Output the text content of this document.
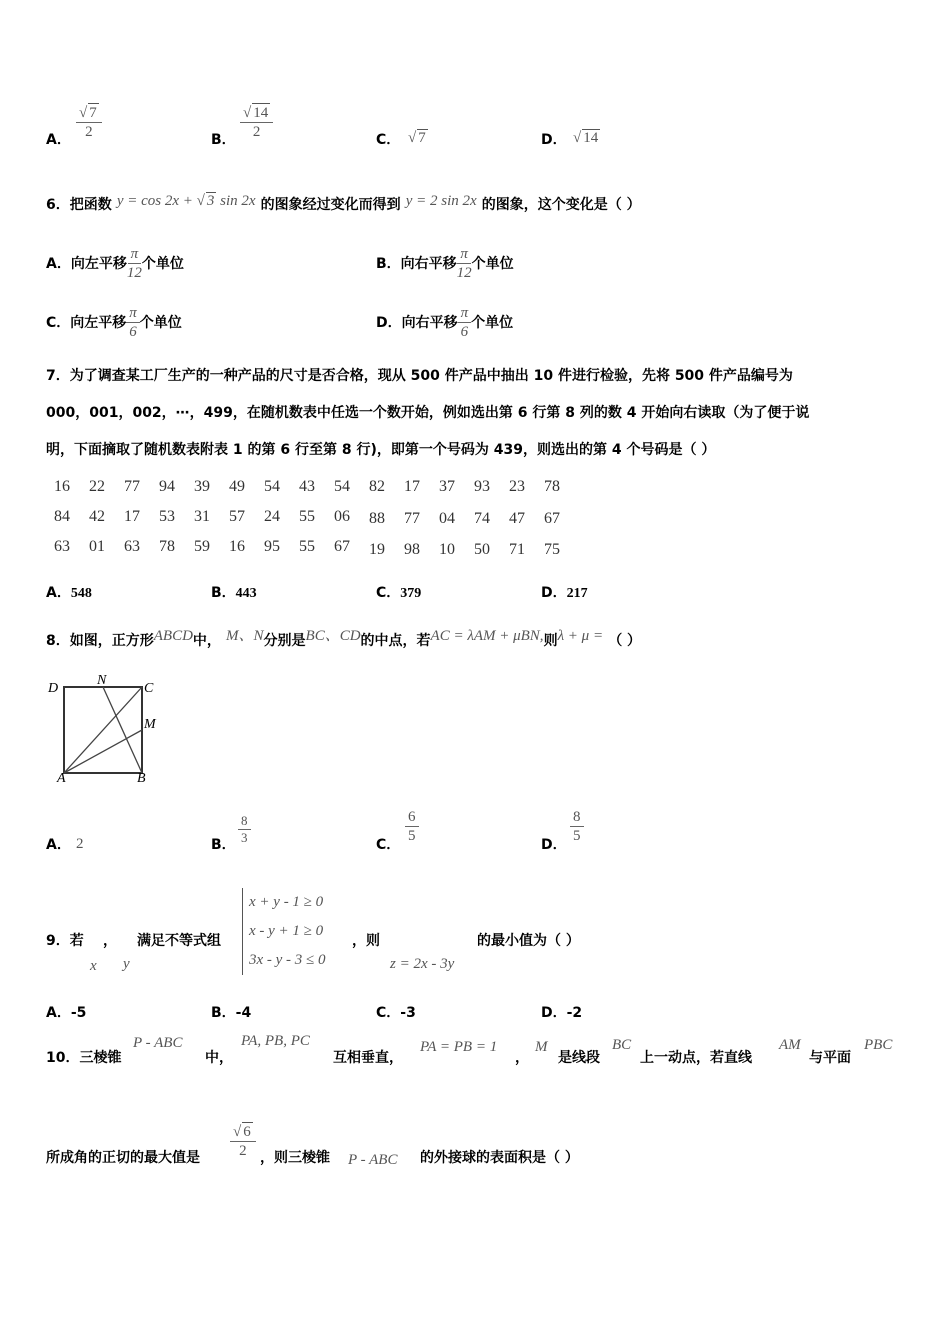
A． $\frac{√ 7}{2}$	B． $\frac{√ 14}{2}$	C． √ 7	D． √ 14
6．把函数 y = cos 2x + √ 3 sin 2x 的图象经过变化而得到 y = 2 sin 2x 的图象，这个变化是（ ）
A．向左平移 $\frac{\pi}{12}$ 个单位	B．向右平移 $\frac{\pi}{12}$ 个单位
C．向左平移 $\frac{\pi}{6}$ 个单位	D．向右平移 $\frac{\pi}{6}$ 个单位
7．为了调查某工厂生产的一种产品的尺寸是否合格，现从 500 件产品中抽出 10 件进行检验，先将 500 件产品编号为
000，001，002，⋯，499，在随机数表中任选一个数开始，例如选出第 6 行第 8 列的数 4 开始向右读取（为了便于说
明，下面摘取了随机数表附表 1 的第 6 行至第 8 行)，即第一个号码为 439，则选出的第 4 个号码是（ ）
16	22	77	94	39	49	54	43	54	82	17	37	93	23	78
84	42	17	53	31	57	24	55	06	88	77	04	74	47	67
63	01	63	78	59	16	95	55	67	19	98	10	50	71	75
A．548	B．443	C．379	D．217
8．如图，正方形ABCD中， M、N分别是BC、CD的中点，若AC = λAM + μBN,则λ + μ = （ ）
D
N
C
M
A	B
A． 2	B． $\frac{8}{3}$	C． $\frac{6}{5}$	D． $\frac{8}{5}$
9．若 ， 满足不等式组
x y
x + y - 1 ≥ 0
x - y + 1 ≥ 0
3x - y - 3 ≤ 0
，则
z = 2x - 3y
的最小值为（ ）
A．-5	B．-4	C．-3	D．-2
10．三棱锥
P - ABC
中，
PA, PB, PC
互相垂直，
PA = PB = 1
，
M
是线段
BC
上一动点，若直线
AM
与平面
PBC
所成角的正切的最大值是 $\frac{√ 6}{2}$ ，则三棱锥 P - ABC 的外接球的表面积是（ ）
